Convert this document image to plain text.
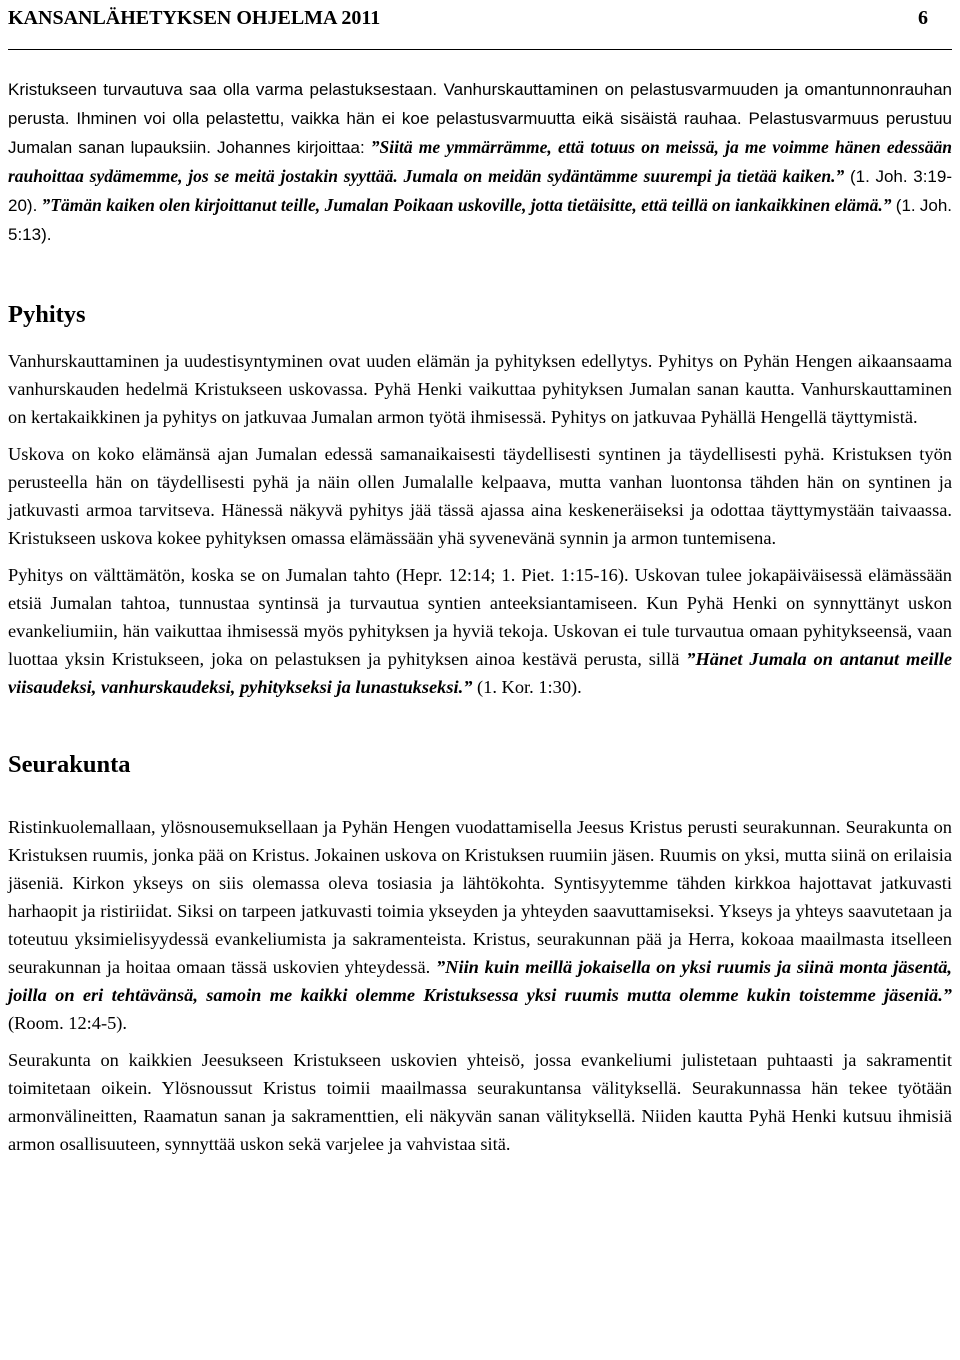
KANSANLÄHETYKSEN OHJELMA 2011	6

Kristukseen turvautuva saa olla varma pelastuksestaan. Vanhurskauttaminen on pelastusvarmuuden ja omantunnonrauhan perusta. Ihminen voi olla pelastettu, vaikka hän ei koe pelastusvarmuutta eikä sisäistä rauhaa. Pelastusvarmuus perustuu Jumalan sanan lupauksiin. Johannes kirjoittaa: ”Siitä me ymmärrämme, että totuus on meissä, ja me voimme hänen edessään rauhoittaa sydämemme, jos se meitä jostakin syyttää. Jumala on meidän sydäntämme suurempi ja tietää kaiken.” (1. Joh. 3:19-20). ”Tämän kaiken olen kirjoittanut teille, Jumalan Poikaan uskoville, jotta tietäisitte, että teillä on iankaikkinen elämä.” (1. Joh. 5:13).

Pyhitys

Vanhurskauttaminen ja uudestisyntyminen ovat uuden elämän ja pyhityksen edellytys. Pyhitys on Pyhän Hengen aikaansaama vanhurskauden hedelmä Kristukseen uskovassa. Pyhä Henki vaikuttaa pyhityksen Jumalan sanan kautta. Vanhurskauttaminen on kertakaikkinen ja pyhitys on jatkuvaa Jumalan armon työtä ihmisessä. Pyhitys on jatkuvaa Pyhällä Hengellä täyttymistä.

Uskova on koko elämänsä ajan Jumalan edessä samanaikaisesti täydellisesti syntinen ja täydellisesti pyhä. Kristuksen työn perusteella hän on täydellisesti pyhä ja näin ollen Jumalalle kelpaava, mutta vanhan luontonsa tähden hän on syntinen ja jatkuvasti armoa tarvitseva. Hänessä näkyvä pyhitys jää tässä ajassa aina keskeneräiseksi ja odottaa täyttymystään taivaassa. Kristukseen uskova kokee pyhityksen omassa elämässään yhä syvenevänä synnin ja armon tuntemisena.

Pyhitys on välttämätön, koska se on Jumalan tahto (Hepr. 12:14; 1. Piet. 1:15-16). Uskovan tulee jokapäiväisessä elämässään etsiä Jumalan tahtoa, tunnustaa syntinsä ja turvautua syntien anteeksiantamiseen. Kun Pyhä Henki on synnyttänyt uskon evankeliumiin, hän vaikuttaa ihmisessä myös pyhityksen ja hyviä tekoja. Uskovan ei tule turvautua omaan pyhitykseensä, vaan luottaa yksin Kristukseen, joka on pelastuksen ja pyhityksen ainoa kestävä perusta, sillä ”Hänet Jumala on antanut meille viisaudeksi, vanhurskaudeksi, pyhitykseksi ja lunastukseksi.” (1. Kor. 1:30).

Seurakunta

Ristinkuolemallaan, ylösnousemuksellaan ja Pyhän Hengen vuodattamisella Jeesus Kristus perusti seurakunnan. Seurakunta on Kristuksen ruumis, jonka pää on Kristus. Jokainen uskova on Kristuksen ruumiin jäsen. Ruumis on yksi, mutta siinä on erilaisia jäseniä. Kirkon ykseys on siis olemassa oleva tosiasia ja lähtökohta. Syntisyytemme tähden kirkkoa hajottavat jatkuvasti harhaopit ja ristiriidat. Siksi on tarpeen jatkuvasti toimia ykseyden ja yhteyden saavuttamiseksi. Ykseys ja yhteys saavutetaan ja toteutuu yksimielisyydessä evankeliumista ja sakramenteista. Kristus, seurakunnan pää ja Herra, kokoaa maailmasta itselleen seurakunnan ja hoitaa omaan tässä uskovien yhteydessä. ”Niin kuin meillä jokaisella on yksi ruumis ja siinä monta jäsentä, joilla on eri tehtävänsä, samoin me kaikki olemme Kristuksessa yksi ruumis mutta olemme kukin toistemme jäseniä.” (Room. 12:4-5).

Seurakunta on kaikkien Jeesukseen Kristukseen uskovien yhteisö, jossa evankeliumi julistetaan puhtaasti ja sakramentit toimitetaan oikein. Ylösnoussut Kristus toimii maailmassa seurakuntansa välityksellä. Seurakunnassa hän tekee työtään armonvälineitten, Raamatun sanan ja sakramenttien, eli näkyvän sanan välityksellä. Niiden kautta Pyhä Henki kutsuu ihmisiä armon osallisuuteen, synnyttää uskon sekä varjelee ja vahvistaa sitä.
